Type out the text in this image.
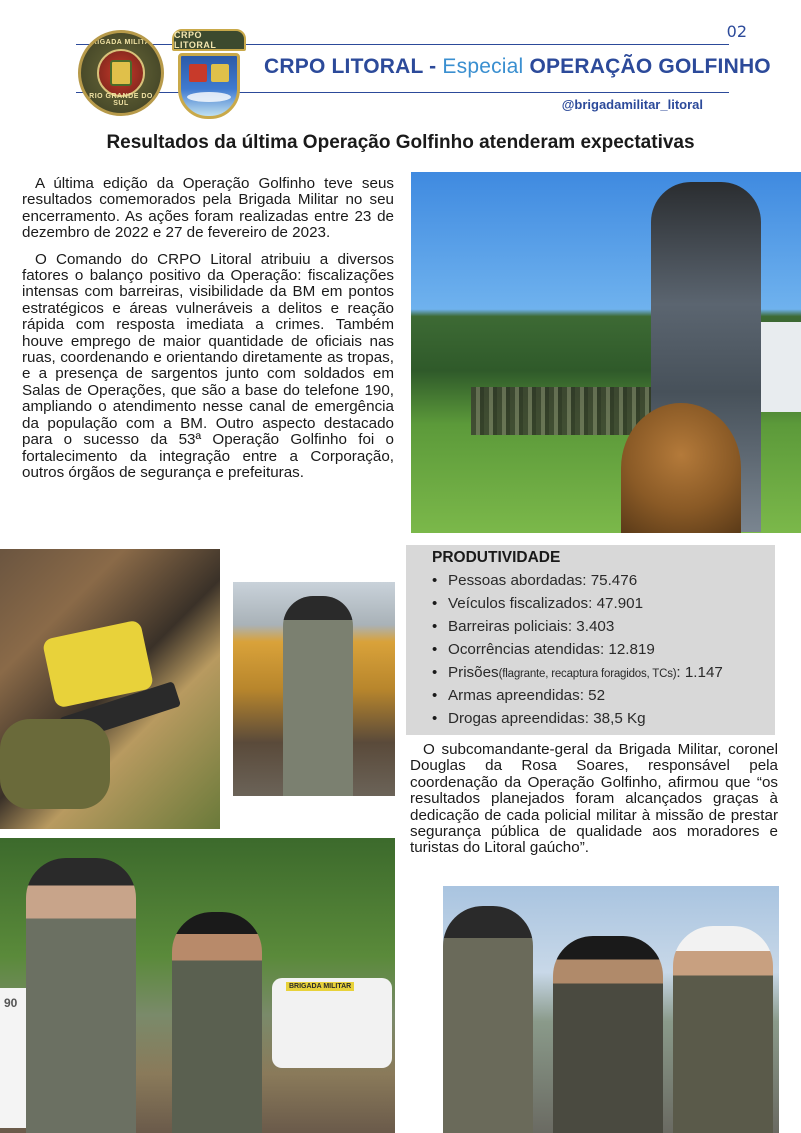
02
BRIGADA MILITAR
RIO GRANDE DO SUL
CRPO LITORAL
CRPO LITORAL - Especial OPERAÇÃO GOLFINHO
@brigadamilitar_litoral
Resultados da última Operação Golfinho atenderam expectativas

A última edição da Operação Golfinho teve seus resultados comemorados pela Brigada Militar no seu encerramento. As ações foram realizadas entre 23 de dezembro de 2022 e 27 de fevereiro de 2023.

O Comando do CRPO Litoral atribuiu a diversos fatores o balanço positivo da Operação: fiscalizações intensas com barreiras, visibilidade da BM em pontos estratégicos e áreas vulneráveis a delitos e reação rápida com resposta imediata a crimes. Também houve emprego de maior quantidade de oficiais nas ruas, coordenando e orientando diretamente as tropas, e a presença de sargentos junto com soldados em Salas de Operações, que são a base do telefone 190, ampliando o atendimento nesse canal de emergência da população com a BM. Outro aspecto destacado para o sucesso da 53ª Operação Golfinho foi o fortalecimento da integração entre a Corporação, outros órgãos de segurança e prefeituras.

PRODUTIVIDADE
• Pessoas abordadas: 75.476
• Veículos fiscalizados: 47.901
• Barreiras policiais: 3.403
• Ocorrências atendidas: 12.819
• Prisões(flagrante, recaptura foragidos, TCs): 1.147
• Armas apreendidas: 52
• Drogas apreendidas: 38,5 Kg

O subcomandante-geral da Brigada Militar, coronel Douglas da Rosa Soares, responsável pela coordenação da Operação Golfinho, afirmou que “os resultados planejados foram alcançados graças à dedicação de cada policial militar à missão de prestar segurança pública de qualidade aos moradores e turistas do Litoral gaúcho”.

90
BRIGADA MILITAR
